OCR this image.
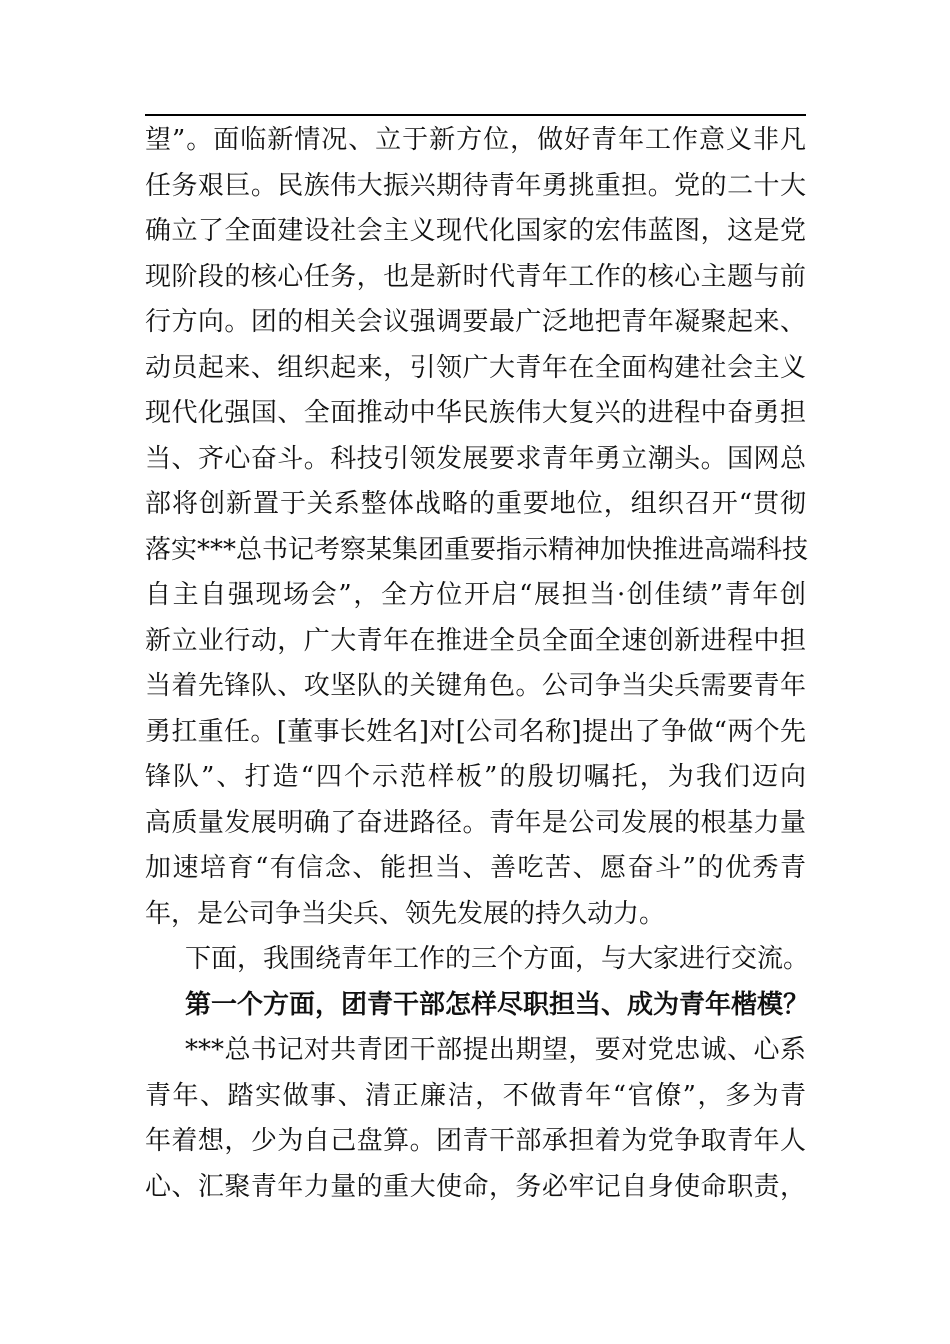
望”。面临新情况、立于新方位，做好青年工作意义非凡
任务艰巨。民族伟大振兴期待青年勇挑重担。党的二十大
确立了全面建设社会主义现代化国家的宏伟蓝图，这是党
现阶段的核心任务，也是新时代青年工作的核心主题与前
行方向。团的相关会议强调要最广泛地把青年凝聚起来、
动员起来、组织起来，引领广大青年在全面构建社会主义
现代化强国、全面推动中华民族伟大复兴的进程中奋勇担
当、齐心奋斗。科技引领发展要求青年勇立潮头。国网总
部将创新置于关系整体战略的重要地位，组织召开“贯彻
落实***总书记考察某集团重要指示精神加快推进高端科技
自主自强现场会”，全方位开启“展担当·创佳绩”青年创
新立业行动，广大青年在推进全员全面全速创新进程中担
当着先锋队、攻坚队的关键角色。公司争当尖兵需要青年
勇扛重任。[董事长姓名]对[公司名称]提出了争做“两个先
锋队”、打造“四个示范样板”的殷切嘱托，为我们迈向
高质量发展明确了奋进路径。青年是公司发展的根基力量
加速培育“有信念、能担当、善吃苦、愿奋斗”的优秀青
年，是公司争当尖兵、领先发展的持久动力。
下面，我围绕青年工作的三个方面，与大家进行交流。
第一个方面，团青干部怎样尽职担当、成为青年楷模？
***总书记对共青团干部提出期望，要对党忠诚、心系
青年、踏实做事、清正廉洁，不做青年“官僚”，多为青
年着想，少为自己盘算。团青干部承担着为党争取青年人
心、汇聚青年力量的重大使命，务必牢记自身使命职责，
